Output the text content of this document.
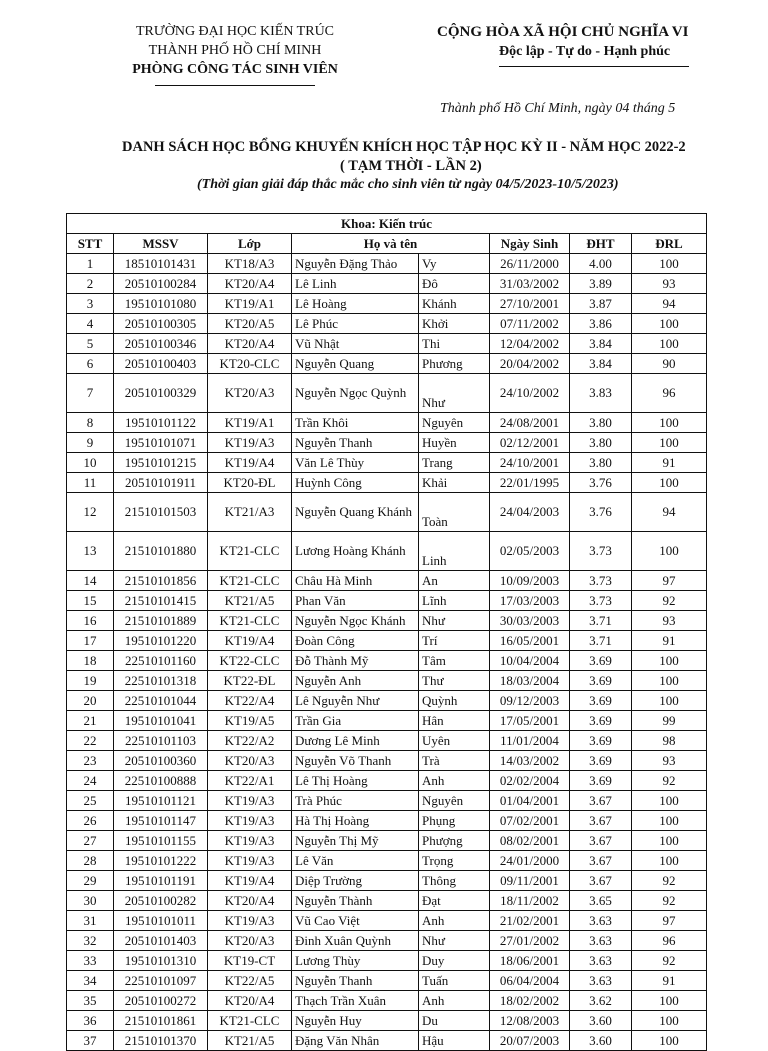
TRƯỜNG ĐẠI HỌC KIẾN TRÚC
THÀNH PHỐ HỒ CHÍ MINH
PHÒNG CÔNG TÁC SINH VIÊN
CỘNG HÒA XÃ HỘI CHỦ NGHĨA VI
Độc lập - Tự do - Hạnh phúc
Thành phố Hồ Chí Minh, ngày 04 tháng 5
DANH SÁCH HỌC BỔNG KHUYẾN KHÍCH HỌC TẬP HỌC KỲ II - NĂM HỌC 2022-2
( TẠM THỜI - LẦN 2)
(Thời gian giải đáp thắc mắc cho sinh viên từ ngày 04/5/2023-10/5/2023)
Khoa: Kiến trúc							
STT	MSSV	Lớp	Họ và tên		Ngày Sinh	ĐHT	ĐRL
1	18510101431	KT18/A3	Nguyễn Đặng Thảo	Vy	26/11/2000	4.00	100
2	20510100284	KT20/A4	Lê Linh	Đô	31/03/2002	3.89	93
3	19510101080	KT19/A1	Lê Hoàng	Khánh	27/10/2001	3.87	94
4	20510100305	KT20/A5	Lê Phúc	Khởi	07/11/2002	3.86	100
5	20510100346	KT20/A4	Vũ Nhật	Thi	12/04/2002	3.84	100
6	20510100403	KT20-CLC	Nguyễn Quang	Phương	20/04/2002	3.84	90
7	20510100329	KT20/A3	Nguyễn Ngọc Quỳnh	Như	24/10/2002	3.83	96
8	19510101122	KT19/A1	Trần Khôi	Nguyên	24/08/2001	3.80	100
9	19510101071	KT19/A3	Nguyễn Thanh	Huyền	02/12/2001	3.80	100
10	19510101215	KT19/A4	Văn Lê Thùy	Trang	24/10/2001	3.80	91
11	20510101911	KT20-ĐL	Huỳnh Công	Khải	22/01/1995	3.76	100
12	21510101503	KT21/A3	Nguyễn Quang Khánh	Toàn	24/04/2003	3.76	94
13	21510101880	KT21-CLC	Lương Hoàng Khánh	Linh	02/05/2003	3.73	100
14	21510101856	KT21-CLC	Châu Hà Minh	An	10/09/2003	3.73	97
15	21510101415	KT21/A5	Phan Văn	Lĩnh	17/03/2003	3.73	92
16	21510101889	KT21-CLC	Nguyễn Ngọc Khánh	Như	30/03/2003	3.71	93
17	19510101220	KT19/A4	Đoàn Công	Trí	16/05/2001	3.71	91
18	22510101160	KT22-CLC	Đỗ Thành Mỹ	Tâm	10/04/2004	3.69	100
19	22510101318	KT22-ĐL	Nguyễn Anh	Thư	18/03/2004	3.69	100
20	22510101044	KT22/A4	Lê Nguyễn Như	Quỳnh	09/12/2003	3.69	100
21	19510101041	KT19/A5	Trần Gia	Hân	17/05/2001	3.69	99
22	22510101103	KT22/A2	Dương Lê Minh	Uyên	11/01/2004	3.69	98
23	20510100360	KT20/A3	Nguyễn Võ Thanh	Trà	14/03/2002	3.69	93
24	22510100888	KT22/A1	Lê Thị Hoàng	Anh	02/02/2004	3.69	92
25	19510101121	KT19/A3	Trà Phúc	Nguyên	01/04/2001	3.67	100
26	19510101147	KT19/A3	Hà Thị Hoàng	Phụng	07/02/2001	3.67	100
27	19510101155	KT19/A3	Nguyễn Thị Mỹ	Phượng	08/02/2001	3.67	100
28	19510101222	KT19/A3	Lê Văn	Trọng	24/01/2000	3.67	100
29	19510101191	KT19/A4	Diệp Trường	Thông	09/11/2001	3.67	92
30	20510100282	KT20/A4	Nguyễn Thành	Đạt	18/11/2002	3.65	92
31	19510101011	KT19/A3	Vũ Cao Việt	Anh	21/02/2001	3.63	97
32	20510101403	KT20/A3	Đinh Xuân Quỳnh	Như	27/01/2002	3.63	96
33	19510101310	KT19-CT	Lương Thùy	Duy	18/06/2001	3.63	92
34	22510101097	KT22/A5	Nguyễn Thanh	Tuấn	06/04/2004	3.63	91
35	20510100272	KT20/A4	Thạch Trần Xuân	Anh	18/02/2002	3.62	100
36	21510101861	KT21-CLC	Nguyễn Huy	Du	12/08/2003	3.60	100
37	21510101370	KT21/A5	Đặng Văn Nhân	Hậu	20/07/2003	3.60	100
